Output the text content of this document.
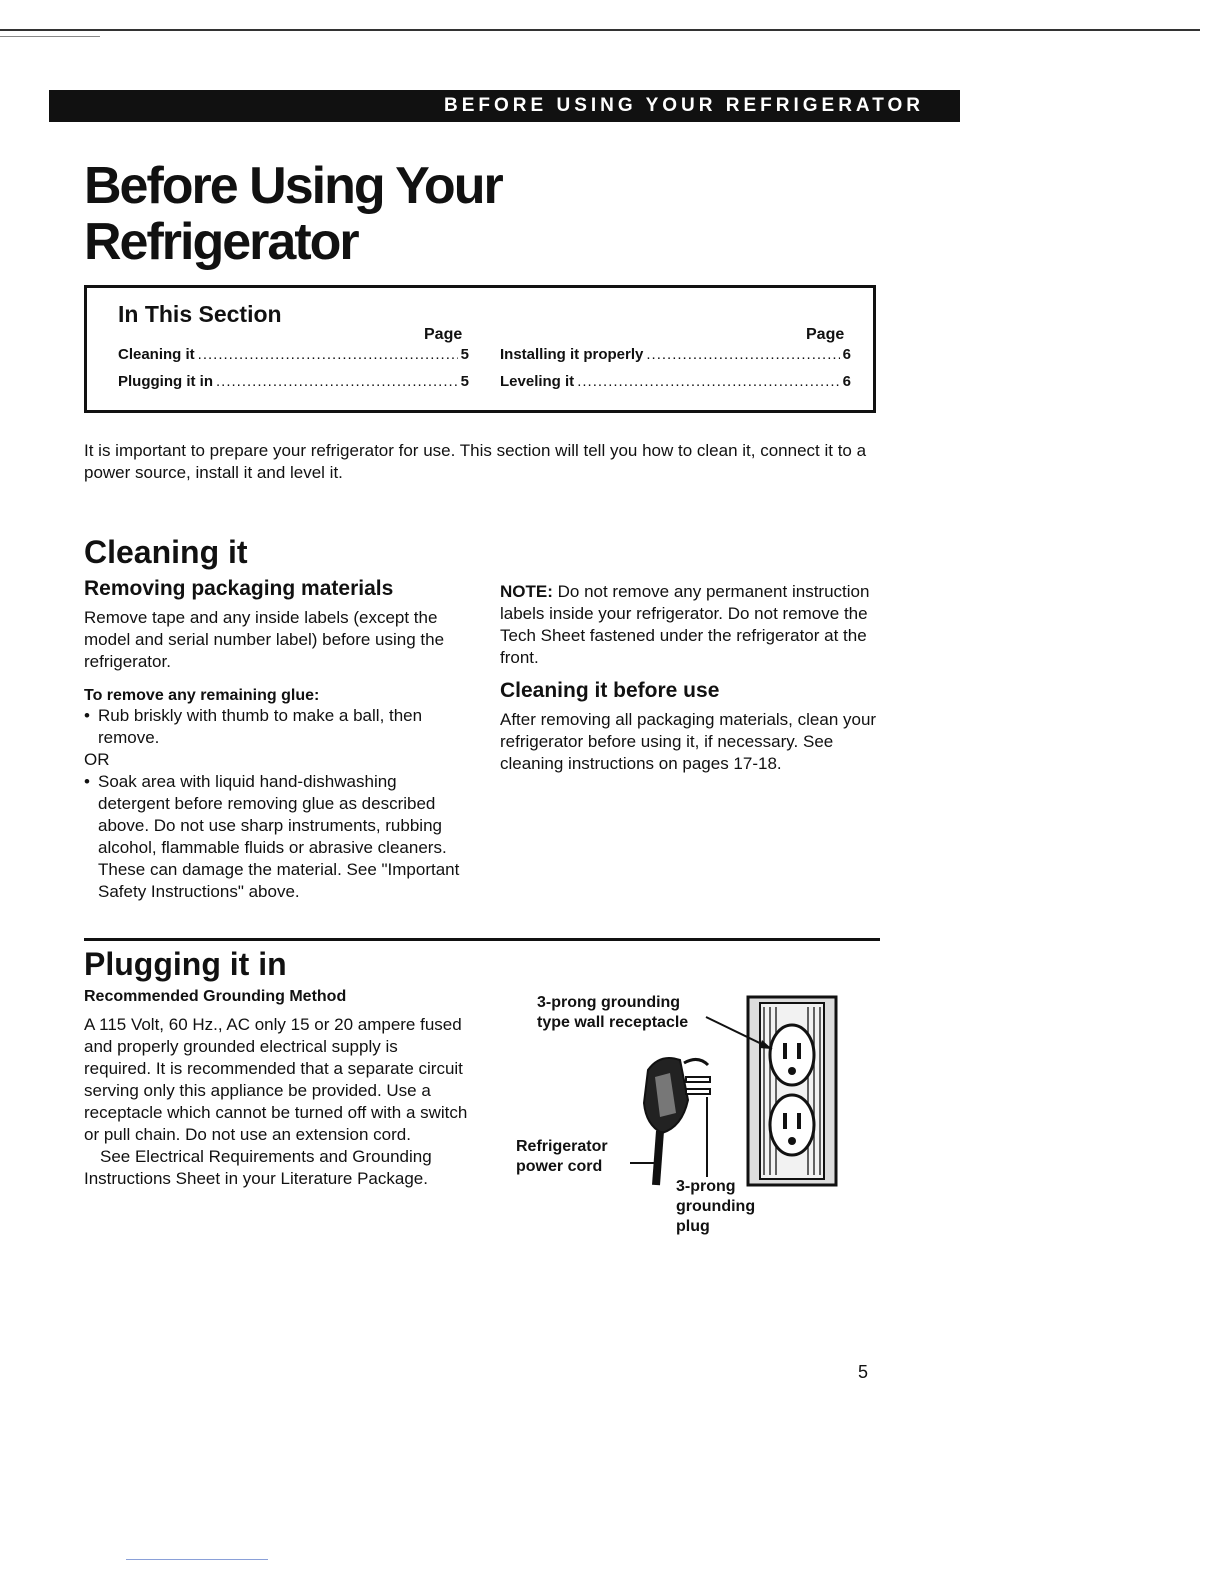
BEFORE USING YOUR REFRIGERATOR
Before Using Your
Refrigerator
In This Section
Page	Page
Cleaning it .....	5
Plugging it in .....	5
Installing it properly .....	6
Leveling it .....	6

It is important to prepare your refrigerator for use. This section will tell you how to clean it, connect it to a power source, install it and level it.

Cleaning it
Removing packaging materials

Remove tape and any inside labels (except the model and serial number label) before using the refrigerator.

To remove any remaining glue:

• Rub briskly with thumb to make a ball, then remove.

OR

• Soak area with liquid hand-dishwashing detergent before removing glue as described above. Do not use sharp instruments, rubbing alcohol, flammable fluids or abrasive cleaners. These can damage the material. See "Important Safety Instructions" above.

NOTE: Do not remove any permanent instruction labels inside your refrigerator. Do not remove the Tech Sheet fastened under the refrigerator at the front.

Cleaning it before use

After removing all packaging materials, clean your refrigerator before using it, if necessary. See cleaning instructions on pages 17-18.

Plugging it in

Recommended Grounding Method

A 115 Volt, 60 Hz., AC only 15 or 20 ampere fused and properly grounded electrical supply is required. It is recommended that a separate circuit serving only this appliance be provided. Use a receptacle which cannot be turned off with a switch or pull chain. Do not use an extension cord.

See Electrical Requirements and Grounding Instructions Sheet in your Literature Package.

3-prong grounding
type wall receptacle
Refrigerator
power cord
3-prong
grounding
plug
5
